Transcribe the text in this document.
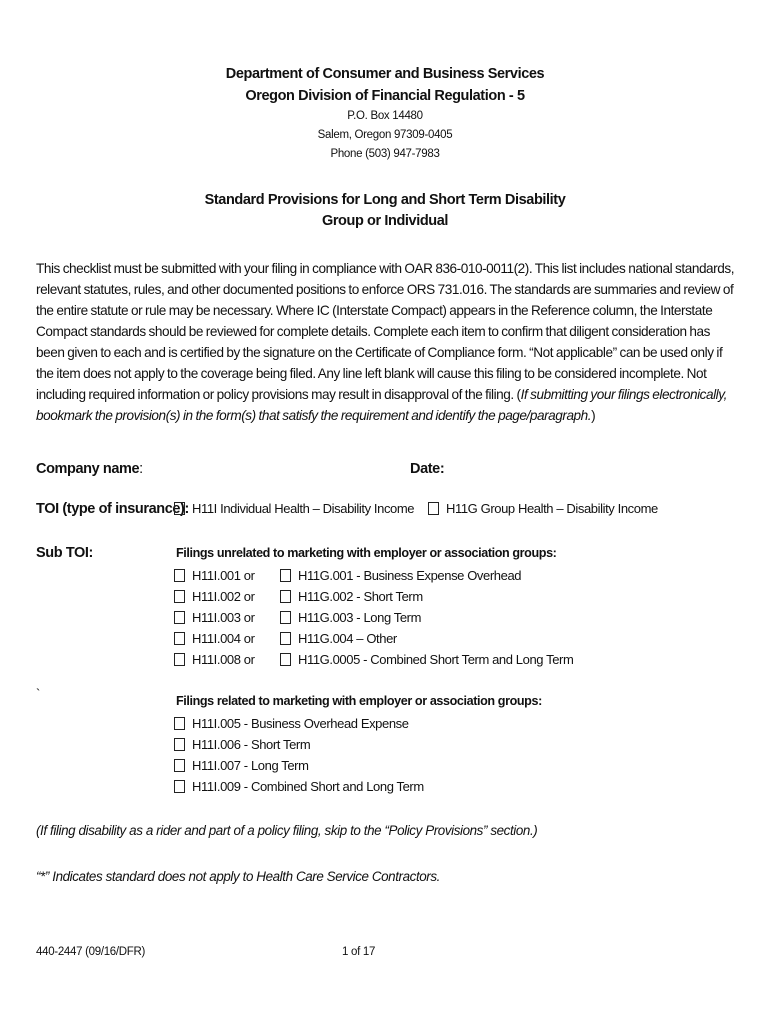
Department of Consumer and Business Services
Oregon Division of Financial Regulation - 5
P.O. Box 14480
Salem, Oregon 97309-0405
Phone (503) 947-7983
Standard Provisions for Long and Short Term Disability
Group or Individual
This checklist must be submitted with your filing in compliance with OAR 836-010-0011(2). This list includes national standards, relevant statutes, rules, and other documented positions to enforce ORS 731.016. The standards are summaries and review of the entire statute or rule may be necessary. Where IC (Interstate Compact) appears in the Reference column, the Interstate Compact standards should be reviewed for complete details. Complete each item to confirm that diligent consideration has been given to each and is certified by the signature on the Certificate of Compliance form. “Not applicable” can be used only if the item does not apply to the coverage being filed. Any line left blank will cause this filing to be considered incomplete. Not including required information or policy provisions may result in disapproval of the filing. (If submitting your filings electronically, bookmark the provision(s) in the form(s) that satisfy the requirement and identify the page/paragraph.)
Company name:	Date:
TOI (type of insurance): H11I Individual Health – Disability Income H11G Group Health – Disability Income
Sub TOI:	Filings unrelated to marketing with employer or association groups:
H11I.001 or	H11G.001 - Business Expense Overhead
H11I.002 or	H11G.002 - Short Term
H11I.003 or	H11G.003 - Long Term
H11I.004 or	H11G.004 – Other
H11I.008 or	H11G.0005 - Combined Short Term and Long Term
`	Filings related to marketing with employer or association groups:
H11I.005 - Business Overhead Expense
H11I.006 - Short Term
H11I.007 - Long Term
H11I.009 - Combined Short and Long Term
(If filing disability as a rider and part of a policy filing, skip to the “Policy Provisions” section.)
“*” Indicates standard does not apply to Health Care Service Contractors.
440-2447 (09/16/DFR)	1 of 17
